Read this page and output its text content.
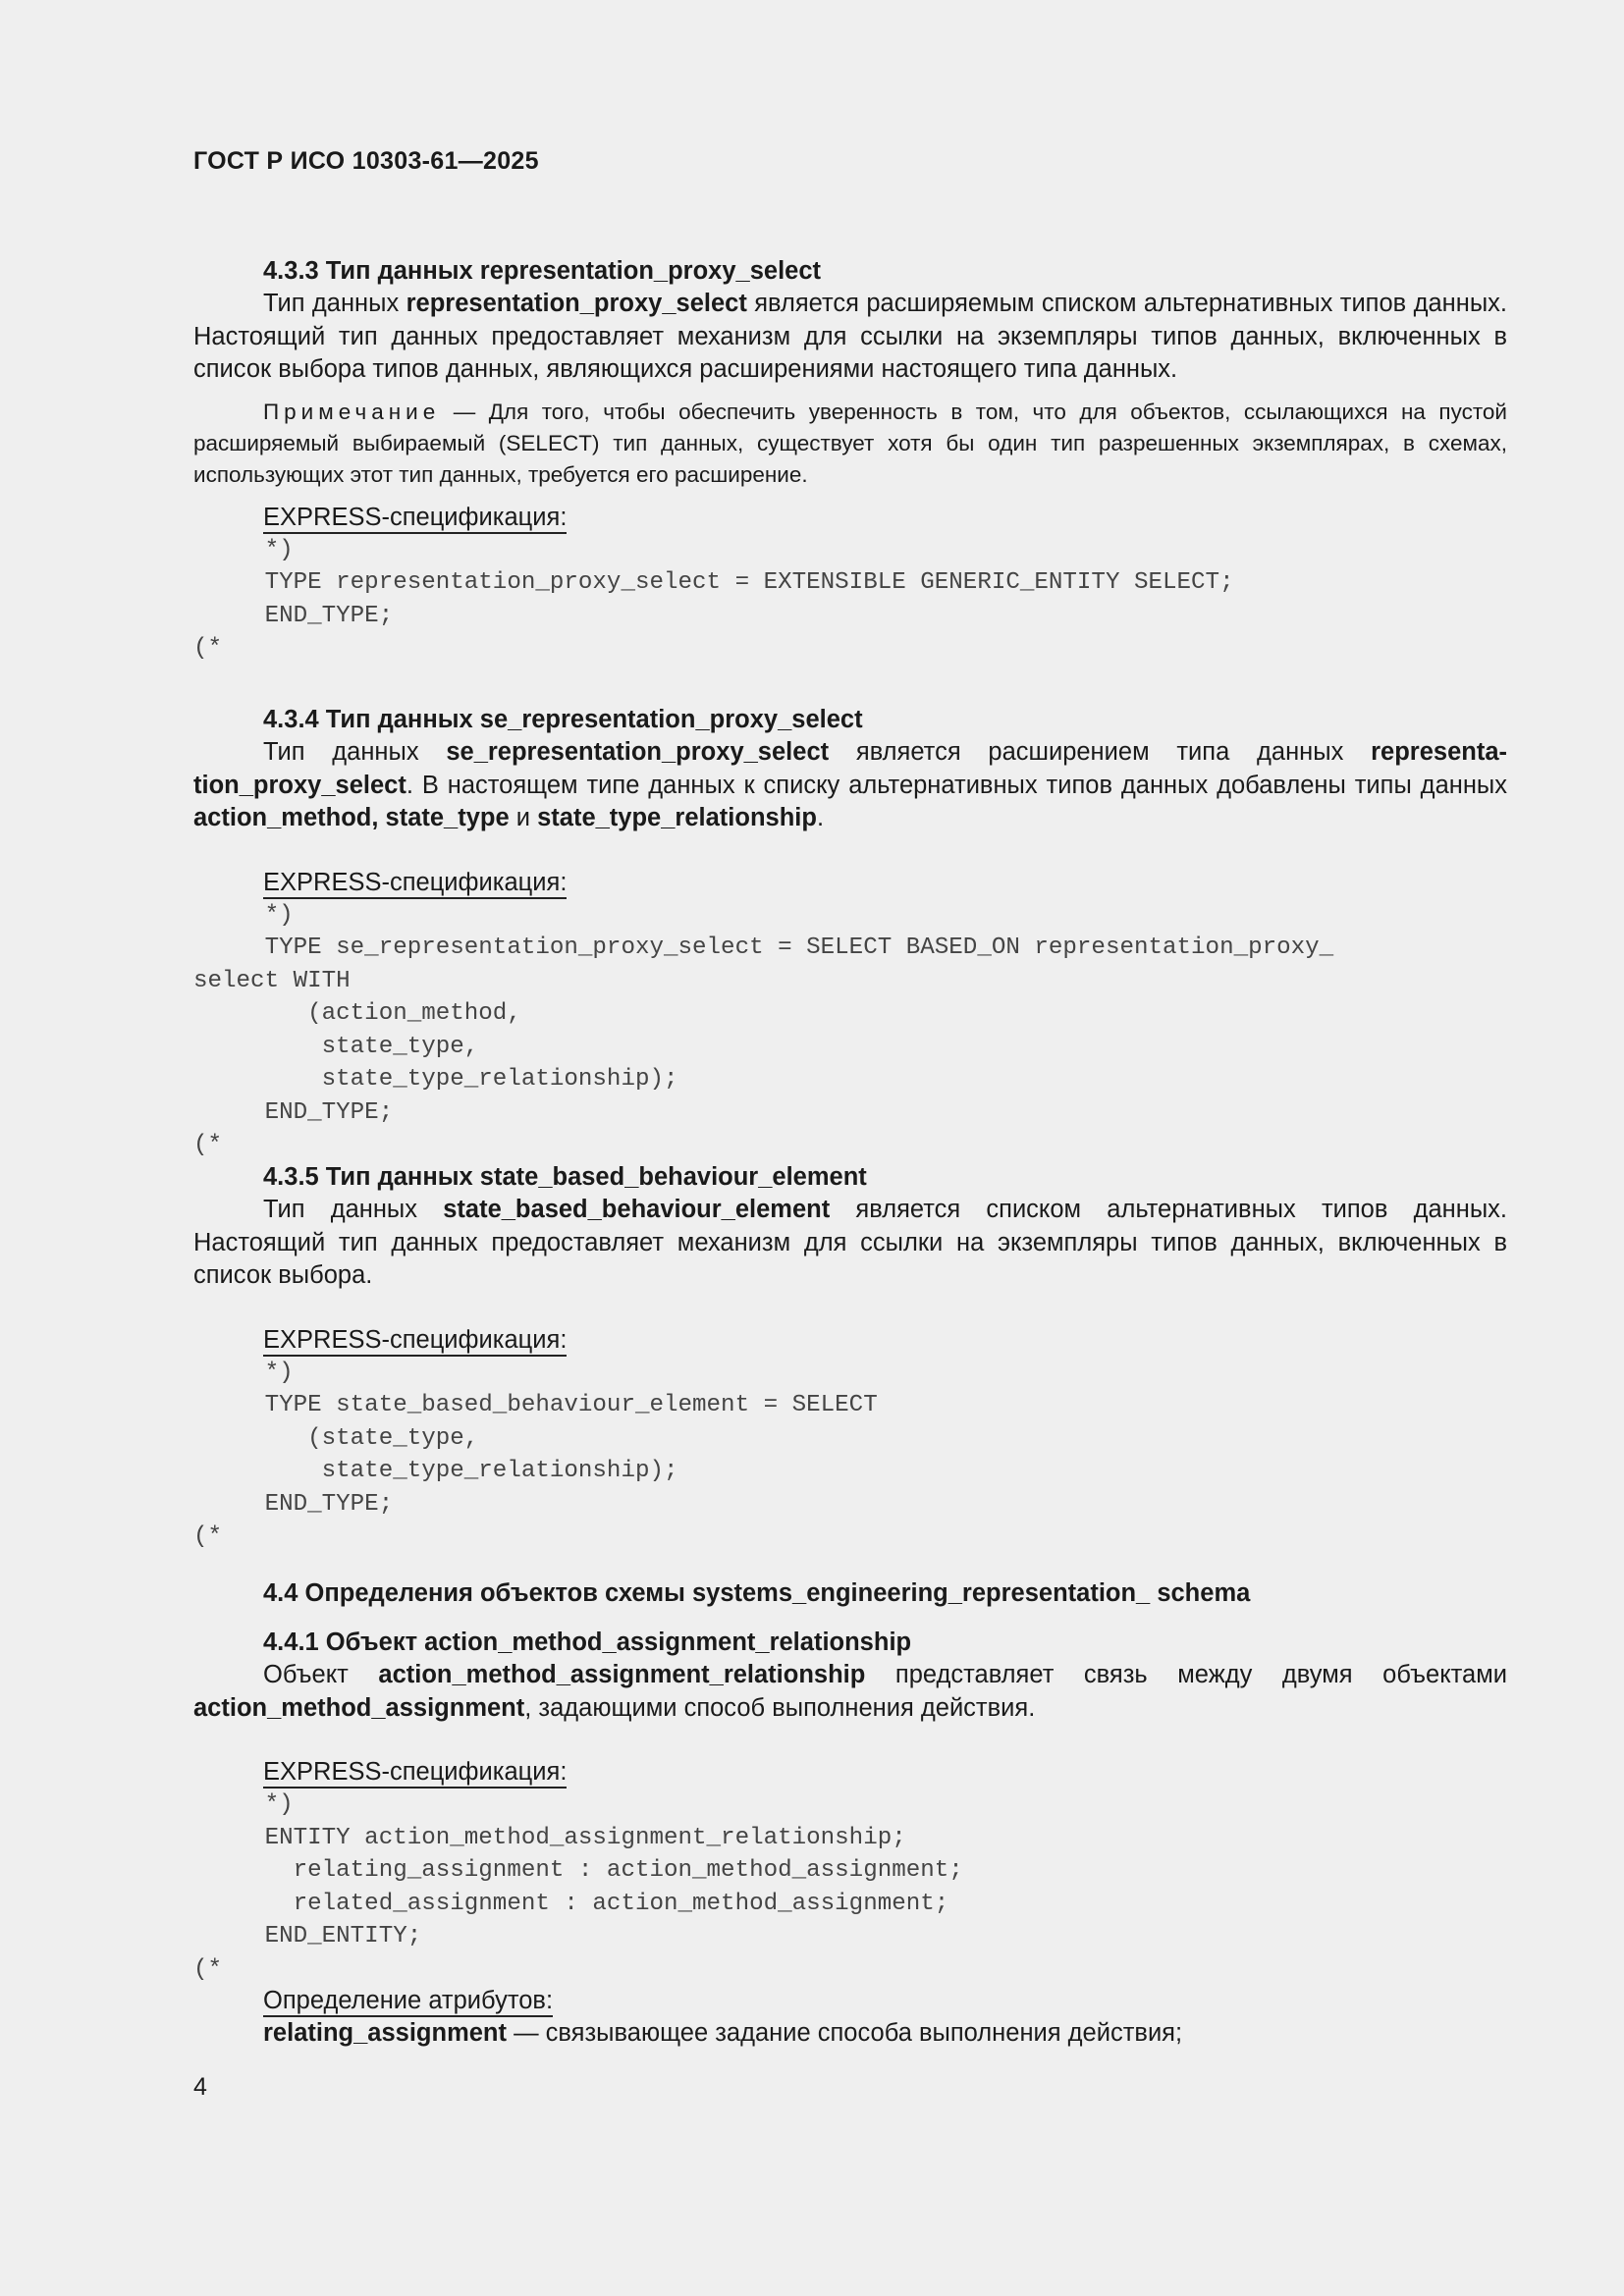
ГОСТ Р ИСО 10303-61—2025
4.3.3 Тип данных representation_proxy_select

Тип данных representation_proxy_select является расширяемым списком альтернативных типов данных. Настоящий тип данных предоставляет механизм для ссылки на экземпляры типов данных, включенных в список выбора типов данных, являющихся расширениями настоящего типа данных.

Примечание — Для того, чтобы обеспечить уверенность в том, что для объектов, ссылающихся на пустой расширяемый выбираемый (SELECT) тип данных, существует хотя бы один тип разрешенных экземплярах, в схемах, использующих этот тип данных, требуется его расширение.

EXPRESS-спецификация:
*)
TYPE representation_proxy_select = EXTENSIBLE GENERIC_ENTITY SELECT;
END_TYPE;
(*
4.3.4 Тип данных se_representation_proxy_select

Тип данных se_representation_proxy_select является расширением типа данных representa-tion_proxy_select. В настоящем типе данных к списку альтернативных типов данных добавлены типы данных action_method, state_type и state_type_relationship.

EXPRESS-спецификация:
*)
TYPE se_representation_proxy_select = SELECT BASED_ON representation_proxy_
select WITH
(action_method,
state_type,
state_type_relationship);
END_TYPE;
(*
4.3.5 Тип данных state_based_behaviour_element

Тип данных state_based_behaviour_element является списком альтернативных типов данных. Настоящий тип данных предоставляет механизм для ссылки на экземпляры типов данных, включенных в список выбора.

EXPRESS-спецификация:
*)
TYPE state_based_behaviour_element = SELECT
(state_type,
state_type_relationship);
END_TYPE;
(*
4.4 Определения объектов схемы systems_engineering_representation_ schema
4.4.1 Объект action_method_assignment_relationship

Объект action_method_assignment_relationship представляет связь между двумя объектами action_method_assignment, задающими способ выполнения действия.

EXPRESS-спецификация:
*)
ENTITY action_method_assignment_relationship;
relating_assignment : action_method_assignment;
related_assignment : action_method_assignment;
END_ENTITY;
(*
Определение атрибутов:

relating_assignment — связывающее задание способа выполнения действия;

4
